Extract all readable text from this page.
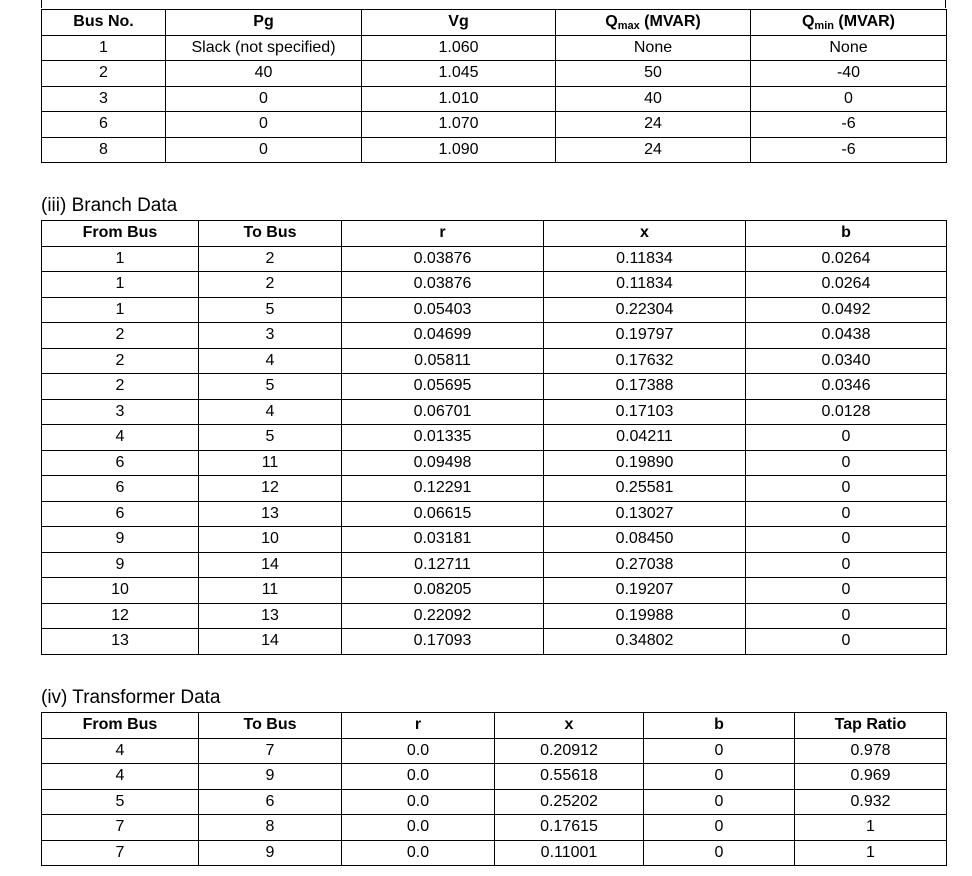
Bus No.	Pg	Vg	$Q_{max}$ (MVAR)	$Q_{min}$ (MVAR)
1	Slack (not specified)	1.060	None	None
2	40	1.045	50	-40
3	0	1.010	40	0
6	0	1.070	24	-6
8	0	1.090	24	-6
(iii) Branch Data
From Bus	To Bus	r	x	b
1	2	0.03876	0.11834	0.0264
1	2	0.03876	0.11834	0.0264
1	5	0.05403	0.22304	0.0492
2	3	0.04699	0.19797	0.0438
2	4	0.05811	0.17632	0.0340
2	5	0.05695	0.17388	0.0346
3	4	0.06701	0.17103	0.0128
4	5	0.01335	0.04211	0
6	11	0.09498	0.19890	0
6	12	0.12291	0.25581	0
6	13	0.06615	0.13027	0
9	10	0.03181	0.08450	0
9	14	0.12711	0.27038	0
10	11	0.08205	0.19207	0
12	13	0.22092	0.19988	0
13	14	0.17093	0.34802	0
(iv) Transformer Data
From Bus	To Bus	r	x	b	Tap Ratio
4	7	0.0	0.20912	0	0.978
4	9	0.0	0.55618	0	0.969
5	6	0.0	0.25202	0	0.932
7	8	0.0	0.17615	0	1
7	9	0.0	0.11001	0	1
